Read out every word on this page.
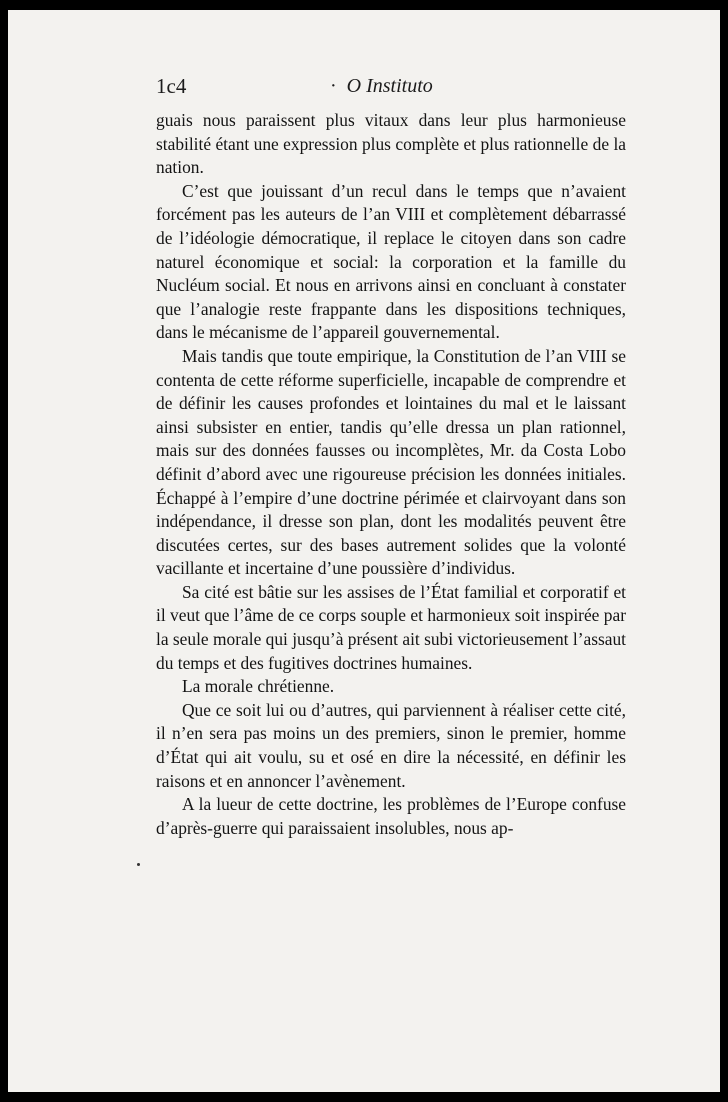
1c4	· O Instituto

guais nous paraissent plus vitaux dans leur plus harmonieuse stabilité étant une expression plus complète et plus rationnelle de la nation.

C’est que jouissant d’un recul dans le temps que n’avaient forcément pas les auteurs de l’an VIII et complètement débarrassé de l’idéologie démocratique, il replace le citoyen dans son cadre naturel économique et social: la corporation et la famille du Nucléum social. Et nous en arrivons ainsi en concluant à constater que l’analogie reste frappante dans les dispositions techniques, dans le mécanisme de l’appareil gouvernemental.

Mais tandis que toute empirique, la Constitution de l’an VIII se contenta de cette réforme superficielle, incapable de comprendre et de définir les causes profondes et lointaines du mal et le laissant ainsi subsister en entier, tandis qu’elle dressa un plan rationnel, mais sur des données fausses ou incomplètes, Mr. da Costa Lobo définit d’abord avec une rigoureuse précision les données initiales. Échappé à l’empire d’une doctrine périmée et clairvoyant dans son indépendance, il dresse son plan, dont les modalités peuvent être discutées certes, sur des bases autrement solides que la volonté vacillante et incertaine d’une poussière d’individus.

Sa cité est bâtie sur les assises de l’État familial et corporatif et il veut que l’âme de ce corps souple et harmonieux soit inspirée par la seule morale qui jusqu’à présent ait subi victorieusement l’assaut du temps et des fugitives doctrines humaines.

La morale chrétienne.

Que ce soit lui ou d’autres, qui parviennent à réaliser cette cité, il n’en sera pas moins un des premiers, sinon le premier, homme d’État qui ait voulu, su et osé en dire la nécessité, en définir les raisons et en annoncer l’avènement.

A la lueur de cette doctrine, les problèmes de l’Europe confuse d’après-guerre qui paraissaient insolubles, nous ap-
